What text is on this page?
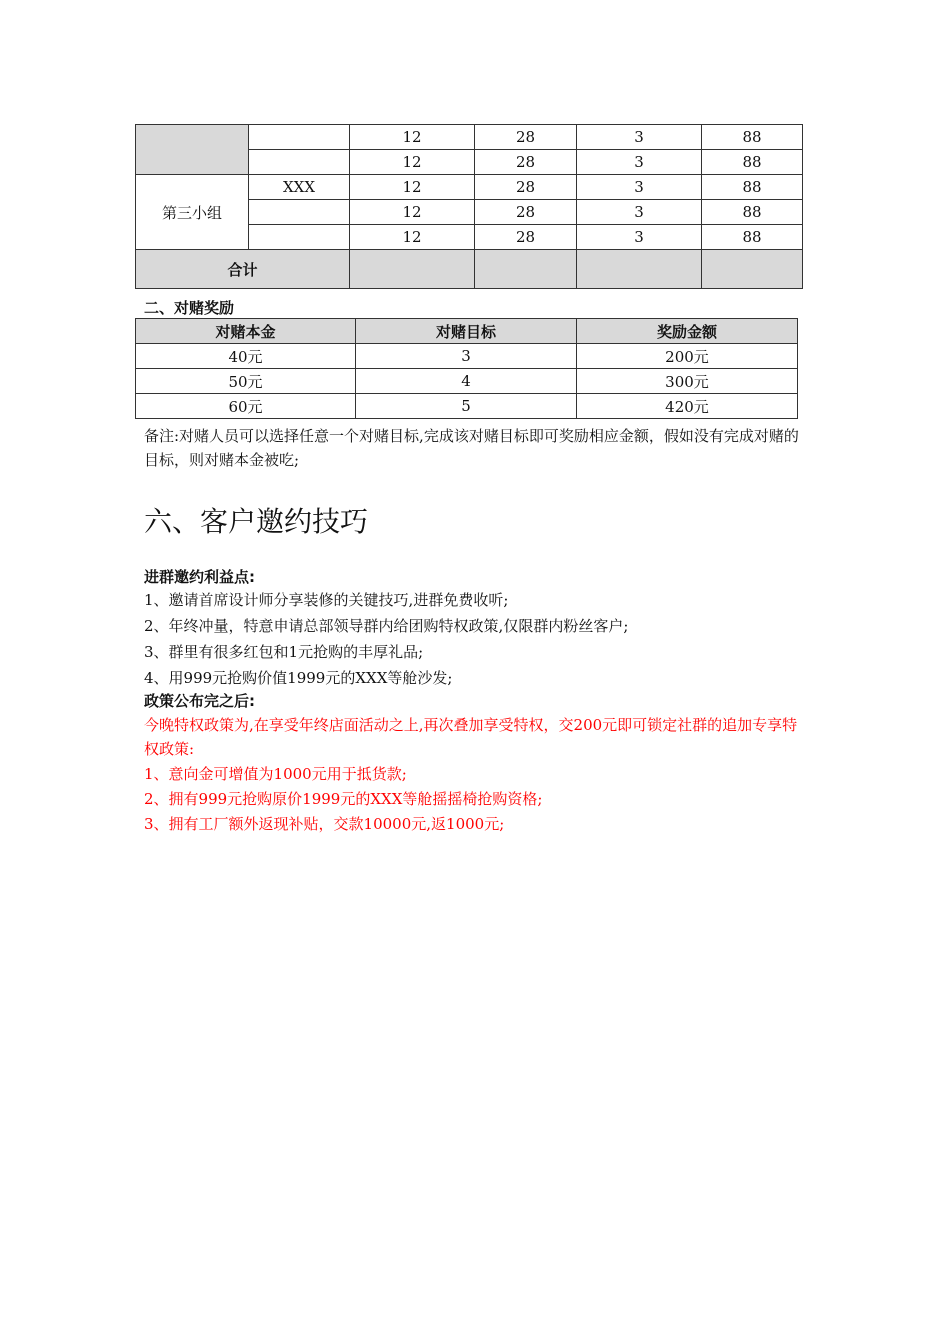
		12	28	3	88
		12	28	3	88
第三小组	XXX	12	28	3	88
		12	28	3	88
		12	28	3	88
合计					
二、对赌奖励
对赌本金	对赌目标	奖励金额
40元	3	200元
50元	4	300元
60元	5	420元

备注:对赌人员可以选择任意一个对赌目标,完成该对赌目标即可奖励相应金额，假如没有完成对赌的目标，则对赌本金被吃;

六、客户邀约技巧
进群邀约利益点:
1、邀请首席设计师分享装修的关键技巧,进群免费收听;
2、年终冲量，特意申请总部领导群内给团购特权政策,仅限群内粉丝客户;
3、群里有很多红包和1元抢购的丰厚礼品;
4、用999元抢购价值1999元的XXX等舱沙发;
政策公布完之后:

今晚特权政策为,在享受年终店面活动之上,再次叠加享受特权，交200元即可锁定社群的追加专享特权政策:

1、意向金可增值为1000元用于抵货款;
2、拥有999元抢购原价1999元的XXX等舱摇摇椅抢购资格;
3、拥有工厂额外返现补贴，交款10000元,返1000元;
